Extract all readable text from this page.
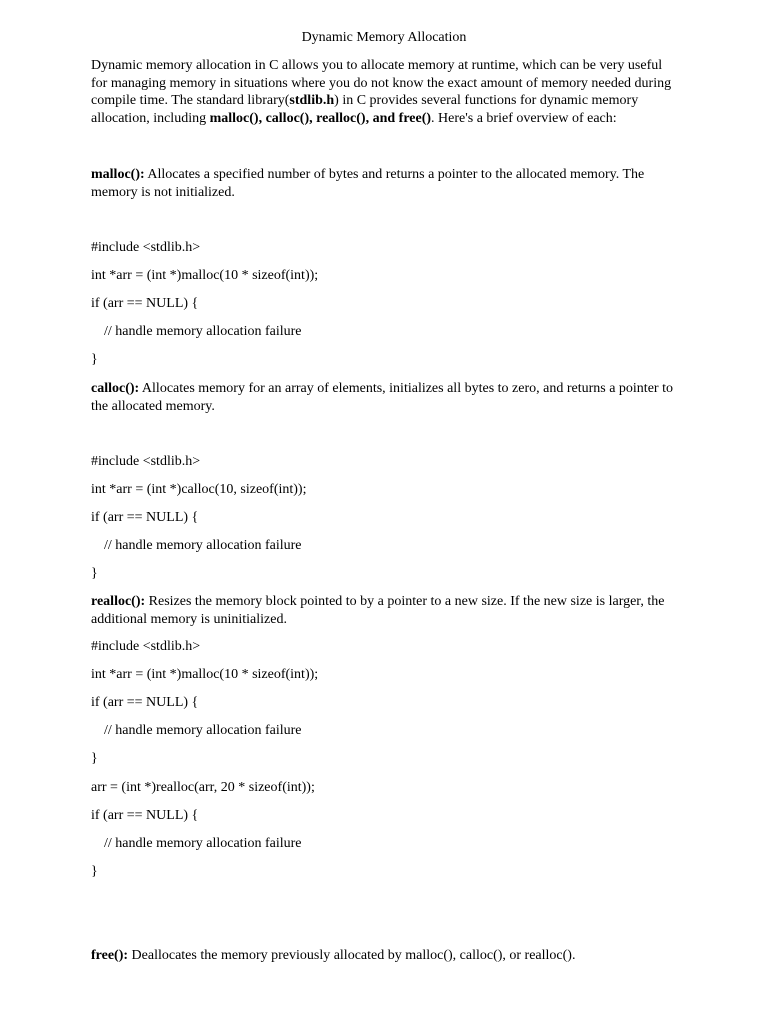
Dynamic Memory Allocation

Dynamic memory allocation in C allows you to allocate memory at runtime, which can be very useful for managing memory in situations where you do not know the exact amount of memory needed during compile time. The standard library(stdlib.h) in C provides several functions for dynamic memory allocation, including malloc(), calloc(), realloc(), and free(). Here's a brief overview of each:

malloc(): Allocates a specified number of bytes and returns a pointer to the allocated memory. The memory is not initialized.

#include <stdlib.h>
int *arr = (int *)malloc(10 * sizeof(int));
if (arr == NULL) {
// handle memory allocation failure
}

calloc(): Allocates memory for an array of elements, initializes all bytes to zero, and returns a pointer to the allocated memory.

#include <stdlib.h>
int *arr = (int *)calloc(10, sizeof(int));
if (arr == NULL) {
// handle memory allocation failure
}

realloc(): Resizes the memory block pointed to by a pointer to a new size. If the new size is larger, the additional memory is uninitialized.

#include <stdlib.h>
int *arr = (int *)malloc(10 * sizeof(int));
if (arr == NULL) {
// handle memory allocation failure
}
arr = (int *)realloc(arr, 20 * sizeof(int));
if (arr == NULL) {
// handle memory allocation failure
}

free(): Deallocates the memory previously allocated by malloc(), calloc(), or realloc().
